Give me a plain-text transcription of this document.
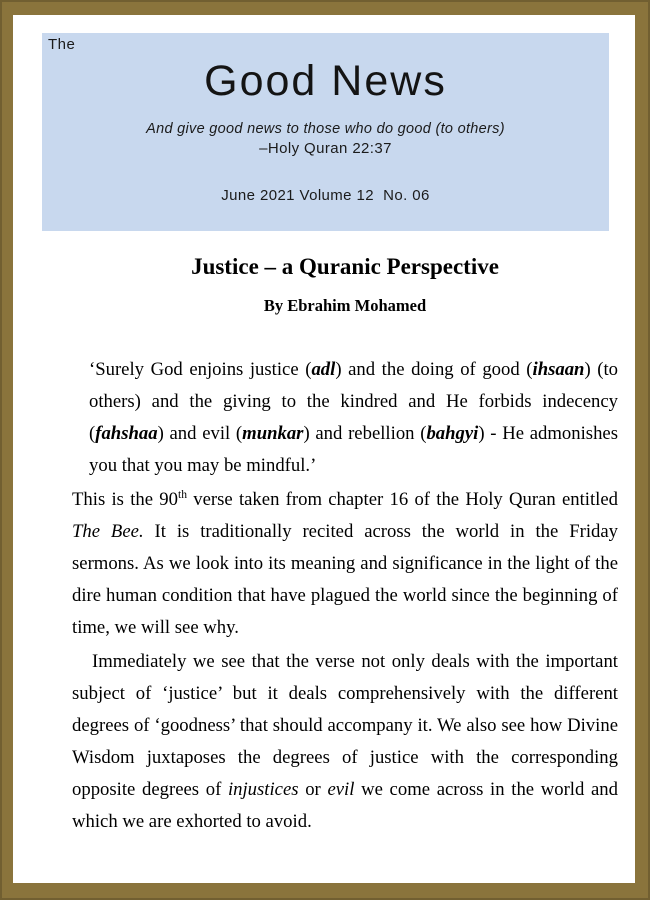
The
Good News
And give good news to those who do good (to others)
–Holy Quran 22:37
June 2021 Volume 12  No. 06
Justice – a Quranic Perspective
By Ebrahim Mohamed
‘Surely God enjoins justice (adl) and the doing of good (ihsaan) (to others) and the giving to the kindred and He forbids indecency (fahshaa) and evil (munkar) and rebellion (bahgyi) - He admonishes you that you may be mindful.’

This is the 90th verse taken from chapter 16 of the Holy Quran entitled The Bee. It is traditionally recited across the world in the Friday sermons. As we look into its meaning and significance in the light of the dire human condition that have plagued the world since the beginning of time, we will see why.

Immediately we see that the verse not only deals with the important subject of ‘justice’ but it deals comprehensively with the different degrees of ‘goodness’ that should accompany it. We also see how Divine Wisdom juxtaposes the degrees of justice with the corresponding opposite degrees of injustices or evil we come across in the world and which we are exhorted to avoid.
